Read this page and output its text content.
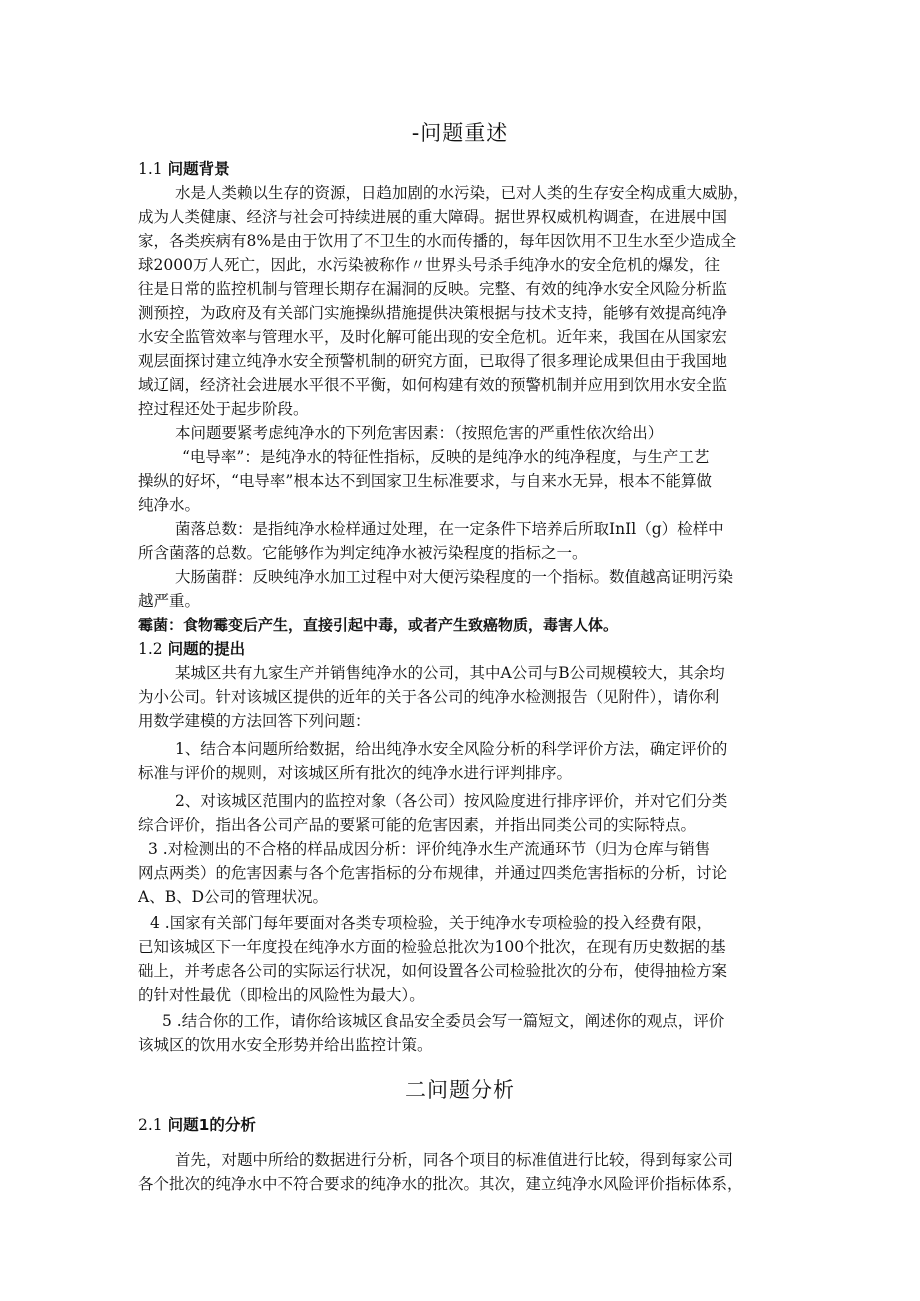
-问题重述
1.1 问题背景
水是人类赖以生存的资源，日趋加剧的水污染，已对人类的生存安全构成重大威胁，
成为人类健康、经济与社会可持续进展的重大障碍。据世界权威机构调查，在进展中国
家，各类疾病有8%是由于饮用了不卫生的水而传播的，每年因饮用不卫生水至少造成全
球2000万人死亡，因此，水污染被称作〃世界头号杀手纯净水的安全危机的爆发，往
往是日常的监控机制与管理长期存在漏洞的反映。完整、有效的纯净水安全风险分析监
测预控，为政府及有关部门实施操纵措施提供决策根据与技术支持，能够有效提高纯净
水安全监管效率与管理水平，及时化解可能出现的安全危机。近年来，我国在从国家宏
观层面探讨建立纯净水安全预警机制的研究方面，已取得了很多理论成果但由于我国地
域辽阔，经济社会进展水平很不平衡，如何构建有效的预警机制并应用到饮用水安全监
控过程还处于起步阶段。
本问题要紧考虑纯净水的下列危害因素：（按照危害的严重性依次给出）
“电导率”：是纯净水的特征性指标，反映的是纯净水的纯净程度，与生产工艺
操纵的好坏，“电导率”根本达不到国家卫生标准要求，与自来水无异，根本不能算做
纯净水。
菌落总数：是指纯净水检样通过处理，在一定条件下培养后所取InIl（g）检样中
所含菌落的总数。它能够作为判定纯净水被污染程度的指标之一。
大肠菌群：反映纯净水加工过程中对大便污染程度的一个指标。数值越高证明污染
越严重。
霉菌：食物霉变后产生，直接引起中毒，或者产生致癌物质，毒害人体。
1.2 问题的提出
某城区共有九家生产并销售纯净水的公司，其中A公司与B公司规模较大，其余均
为小公司。针对该城区提供的近年的关于各公司的纯净水检测报告（见附件），请你利
用数学建模的方法回答下列问题：
1、结合本问题所给数据，给出纯净水安全风险分析的科学评价方法，确定评价的
标准与评价的规则，对该城区所有批次的纯净水进行评判排序。
2、对该城区范围内的监控对象（各公司）按风险度进行排序评价，并对它们分类
综合评价，指出各公司产品的要紧可能的危害因素，并指出同类公司的实际特点。
3 .对检测出的不合格的样品成因分析：评价纯净水生产流通环节（归为仓库与销售
网点两类）的危害因素与各个危害指标的分布规律，并通过四类危害指标的分析，讨论
A、B、D公司的管理状况。
4 .国家有关部门每年要面对各类专项检验，关于纯净水专项检验的投入经费有限，
已知该城区下一年度投在纯净水方面的检验总批次为100个批次，在现有历史数据的基
础上，并考虑各公司的实际运行状况，如何设置各公司检验批次的分布，使得抽检方案
的针对性最优（即检出的风险性为最大）。
5 .结合你的工作，请你给该城区食品安全委员会写一篇短文，阐述你的观点，评价
该城区的饮用水安全形势并给出监控计策。
二问题分析
2.1 问题1的分析
首先，对题中所给的数据进行分析，同各个项目的标准值进行比较，得到每家公司
各个批次的纯净水中不符合要求的纯净水的批次。其次，建立纯净水风险评价指标体系，
